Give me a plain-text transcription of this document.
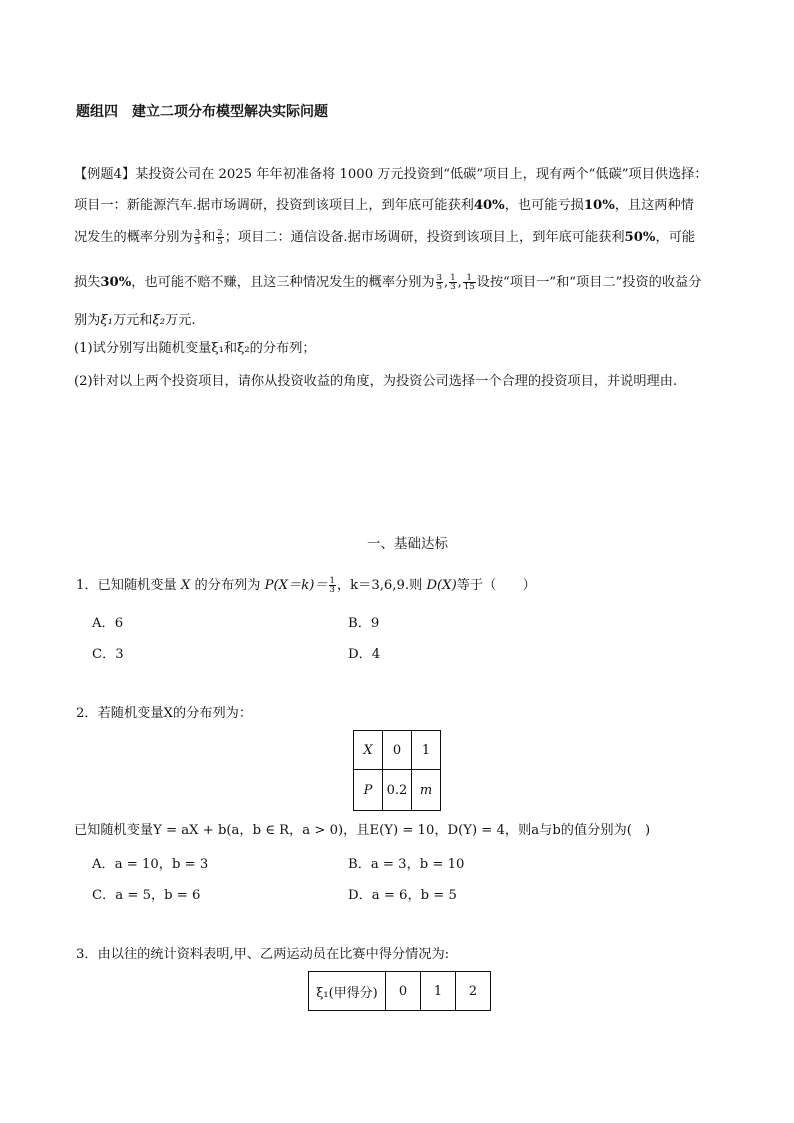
题组四　建立二项分布模型解决实际问题
【例题4】某投资公司在 2025 年年初准备将 1000 万元投资到“低碳”项目上，现有两个“低碳”项目供选择：
项目一：新能源汽车.据市场调研，投资到该项目上，到年底可能获利40%，也可能亏损10%，且这两种情
况发生的概率分别为 $\frac{3}{5}$ 和 $\frac{2}{5}$ ；项目二：通信设备.据市场调研，投资到该项目上，到年底可能获利50%，可能
损失30%，也可能不赔不赚，且这三种情况发生的概率分别为 $\frac{3}{5}$ , $\frac{1}{3}$ , $\frac{1}{15}$ 设按“项目一”和“项目二”投资的收益分
别为ξ₁万元和ξ₂万元.
(1)试分别写出随机变量ξ₁和ξ₂的分布列；
(2)针对以上两个投资项目，请你从投资收益的角度，为投资公司选择一个合理的投资项目，并说明理由.
一、基础达标
1．已知随机变量 X 的分布列为 $P(X=k)= \frac{1}{3}$ ，k＝3,6,9.则 D(X)等于（　　）
A．6	B．9
C．3	D．4
2．若随机变量X的分布列为：
X	0	1
P	0.2	m
已知随机变量Y = aX + b(a，b ∈ R，a > 0)，且E(Y) = 10，D(Y) = 4，则a与b的值分别为(　)
A．a = 10，b = 3	B．a = 3，b = 10
C．a = 5，b = 6	D．a = 6，b = 5
3．由以往的统计资料表明,甲、乙两运动员在比赛中得分情况为:
ξ₁(甲得分)	0	1	2
